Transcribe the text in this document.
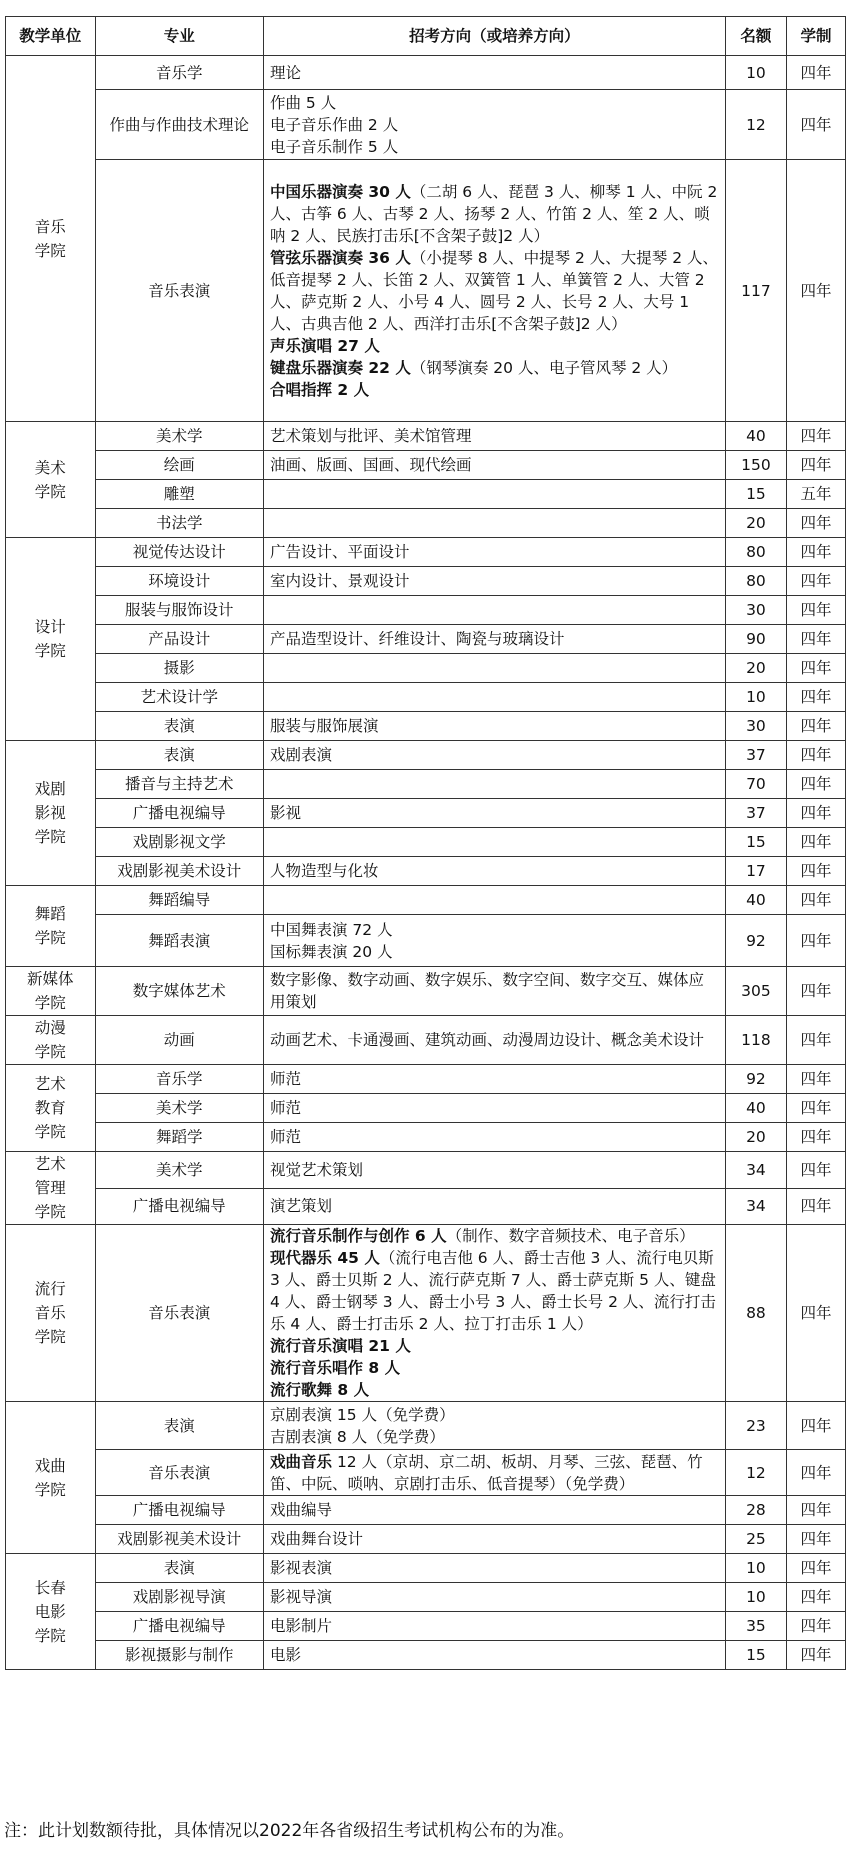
教学单位	专业	招考方向（或培养方向）	名额	学制
音乐学院	音乐学	理论	10	四年
	作曲与作曲技术理论	作曲 5 人
电子音乐作曲 2 人
电子音乐制作 5 人	12	四年
	音乐表演	中国乐器演奏 30 人（二胡 6 人、琵琶 3 人、柳琴 1 人、中阮 2 人、古筝 6 人、古琴 2 人、扬琴 2 人、竹笛 2 人、笙 2 人、唢呐 2 人、民族打击乐[不含架子鼓]2 人）
管弦乐器演奏 36 人（小提琴 8 人、中提琴 2 人、大提琴 2 人、低音提琴 2 人、长笛 2 人、双簧管 1 人、单簧管 2 人、大管 2 人、萨克斯 2 人、小号 4 人、圆号 2 人、长号 2 人、大号 1 人、古典吉他 2 人、西洋打击乐[不含架子鼓]2 人）
声乐演唱 27 人
键盘乐器演奏 22 人（钢琴演奏 20 人、电子管风琴 2 人）
合唱指挥 2 人	117	四年
美术学院	美术学	艺术策划与批评、美术馆管理	40	四年
	绘画	油画、版画、国画、现代绘画	150	四年
	雕塑		15	五年
	书法学		20	四年
设计学院	视觉传达设计	广告设计、平面设计	80	四年
	环境设计	室内设计、景观设计	80	四年
	服装与服饰设计		30	四年
	产品设计	产品造型设计、纤维设计、陶瓷与玻璃设计	90	四年
	摄影		20	四年
	艺术设计学		10	四年
	表演	服装与服饰展演	30	四年
戏剧影视学院	表演	戏剧表演	37	四年
	播音与主持艺术		70	四年
	广播电视编导	影视	37	四年
	戏剧影视文学		15	四年
	戏剧影视美术设计	人物造型与化妆	17	四年
舞蹈学院	舞蹈编导		40	四年
	舞蹈表演	中国舞表演 72 人
国标舞表演 20 人	92	四年
新媒体学院	数字媒体艺术	数字影像、数字动画、数字娱乐、数字空间、数字交互、媒体应用策划	305	四年
动漫学院	动画	动画艺术、卡通漫画、建筑动画、动漫周边设计、概念美术设计	118	四年
艺术教育学院	音乐学	师范	92	四年
	美术学	师范	40	四年
	舞蹈学	师范	20	四年
艺术管理学院	美术学	视觉艺术策划	34	四年
	广播电视编导	演艺策划	34	四年
流行音乐学院	音乐表演	流行音乐制作与创作 6 人（制作、数字音频技术、电子音乐）
现代器乐 45 人（流行电吉他 6 人、爵士吉他 3 人、流行电贝斯 3 人、爵士贝斯 2 人、流行萨克斯 7 人、爵士萨克斯 5 人、键盘 4 人、爵士钢琴 3 人、爵士小号 3 人、爵士长号 2 人、流行打击乐 4 人、爵士打击乐 2 人、拉丁打击乐 1 人）
流行音乐演唱 21 人
流行音乐唱作 8 人
流行歌舞 8 人	88	四年
戏曲学院	表演	京剧表演 15 人（免学费）
吉剧表演 8 人（免学费）	23	四年
	音乐表演	戏曲音乐 12 人（京胡、京二胡、板胡、月琴、三弦、琵琶、竹笛、中阮、唢呐、京剧打击乐、低音提琴）（免学费）	12	四年
	广播电视编导	戏曲编导	28	四年
	戏剧影视美术设计	戏曲舞台设计	25	四年
长春电影学院	表演	影视表演	10	四年
	戏剧影视导演	影视导演	10	四年
	广播电视编导	电影制片	35	四年
	影视摄影与制作	电影	15	四年
注：此计划数额待批，具体情况以2022年各省级招生考试机构公布的为准。
